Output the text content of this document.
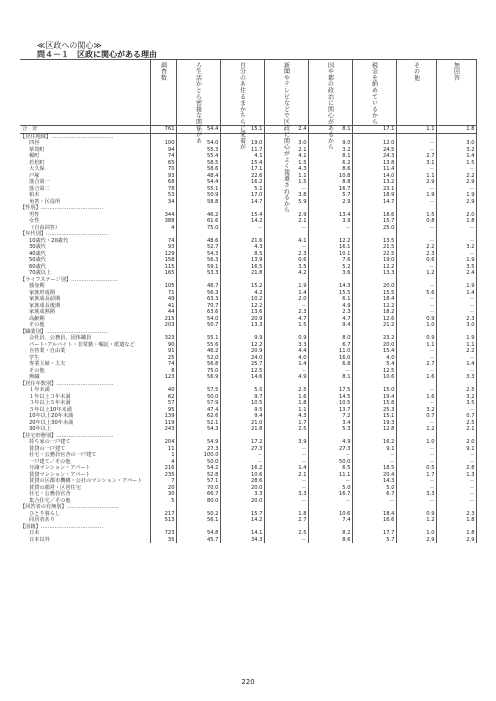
≪区政への関心≫
問４－１　区政に関心がある理由

	調査数	ろ生活かとら密接な関係があ	自分のあ住るまかちらに愛着が	新聞やテレビなどで区政に関心がよく報道されるから	国や都の政治に関心があるから	税金を納めているから	その他	無回答

合　計	761	54.4	15.1	2.4	8.1	17.1	1.1	1.8
【居住地域】………………………………								
四谷	100	54.0	19.0	3.0	9.0	12.0	－	3.0
箪笥町	94	55.3	11.7	2.1	3.2	24.5	－	3.2
榎町	74	55.4	4.1	4.1	8.1	24.3	2.7	1.4
若松町	65	58.5	15.4	1.5	6.2	13.8	3.1	1.5
大久保	70	58.6	17.1	4.3	8.6	11.4	－	－
戸塚	93	48.4	22.6	1.1	10.8	14.0	1.1	2.2
落合第一	68	54.4	16.2	1.5	8.8	13.2	2.9	2.9
落合第二	78	55.1	5.1	－	16.7	23.1	－	－
柏木	53	50.9	17.0	3.8	5.7	18.9	1.9	1.9
角筈・区役所	34	58.8	14.7	5.9	2.9	14.7	－	2.9
【性別】………………………………								
男性	344	46.2	15.4	2.9	13.4	18.6	1.5	2.0
女性	388	61.6	14.2	2.1	3.9	15.7	0.8	1.8
（自由回答）	4	75.0	－	－	－	25.0	－	－
【年代別】………………………………								
10歳代・20歳代	74	48.6	21.6	4.1	12.2	13.5	－	－
30歳代	93	52.7	4.3	－	16.1	21.5	2.2	3.2
40歳代	129	54.3	8.5	2.3	10.1	22.5	2.3	－
50歳代	158	56.3	13.9	0.6	7.6	19.0	0.6	1.9
60歳代	115	59.1	16.5	3.5	5.2	12.2	－	3.5
70歳以上	165	53.3	21.8	4.2	3.6	13.3	1.2	2.4
【ライフステージ別】………………………								
独身期	105	46.7	15.2	1.9	14.3	20.0	－	1.9
家族形成期	71	56.3	4.2	1.4	15.5	15.5	5.6	1.4
家族成長前期	49	63.3	10.2	2.0	6.1	18.4	－	－
家族成長後期	41	70.7	12.2	－	4.9	12.2	－	－
家族成熟期	44	63.6	13.6	2.3	2.3	18.2	－	－
高齢期	215	54.0	20.9	4.7	4.7	12.6	0.9	2.3
その他	203	50.7	13.3	1.5	9.4	21.2	1.0	3.0
【職業別】………………………………								
会社員、公務員、団体職員	323	55.1	9.9	0.9	8.0	23.2	0.9	1.9
パート･アルバイト・非常勤・嘱託・派遣など	90	55.6	12.2	3.3	6.7	20.0	1.1	1.1
自営業・自由業	91	46.2	20.9	4.4	11.0	15.4	－	2.2
学生	25	52.0	24.0	4.0	16.0	4.0	－	－
専業主婦・主夫	74	56.8	25.7	1.4	6.8	5.4	2.7	1.4
その他	8	75.0	12.5	－	－	12.5	－	－
無職	123	56.9	14.6	4.9	8.1	10.6	1.6	3.3
【居住年数別】……………………………								
１年未満	40	57.5	5.0	2.5	17.5	15.0	－	2.5
１年以上３年未満	62	50.0	9.7	1.6	14.5	19.4	1.6	3.2
３年以上５年未満	57	57.9	10.5	1.8	10.5	15.8	－	3.5
５年以上10年未満	95	47.4	9.5	1.1	13.7	25.3	3.2	－
10年以上20年未満	139	62.6	9.4	4.3	7.2	15.1	0.7	0.7
20年以上30年未満	119	52.1	21.0	1.7	3.4	19.3	－	2.5
30年以上	243	54.3	21.8	2.5	5.3	12.8	1.2	2.1
【住宅形態別】……………………………								
持ち家の一戸建て	204	54.9	17.2	3.9	4.9	16.2	1.0	2.0
賃貸の一戸建て	11	27.3	27.3	－	27.3	9.1	－	9.1
社宅・公務員官舎の一戸建て	1	100.0	－	－	－	－	－	－
一戸建て／その他	4	50.0	－	－	50.0	－	－	－
分譲マンション・アパート	216	54.2	16.2	1.4	6.5	18.5	0.5	2.8
賃貸マンション・アパート	235	52.8	10.6	2.1	11.1	20.4	1.7	1.3
賃貸の区都市機構・公社のマンション・アパート	7	57.1	28.6	－	－	14.3	－	－
賃貸の都営・区営住宅	20	70.0	20.0	－	5.0	5.0	－	－
社宅・公務員官舎	30	66.7	3.3	3.3	16.7	6.7	3.3	－
集合住宅／その他	5	80.0	20.0	－	－	－	－	－
【回答者の有無別】…………………………								
ひとり暮らし	217	50.2	15.7	1.8	10.6	18.4	0.9	2.3
同居者あり	513	56.1	14.2	2.7	7.4	16.6	1.2	1.8
【国籍】………………………………								
日本	723	54.8	14.1	2.5	8.2	17.7	1.0	1.8
日本以外	35	45.7	34.3	－	8.6	5.7	2.9	2.9
220
